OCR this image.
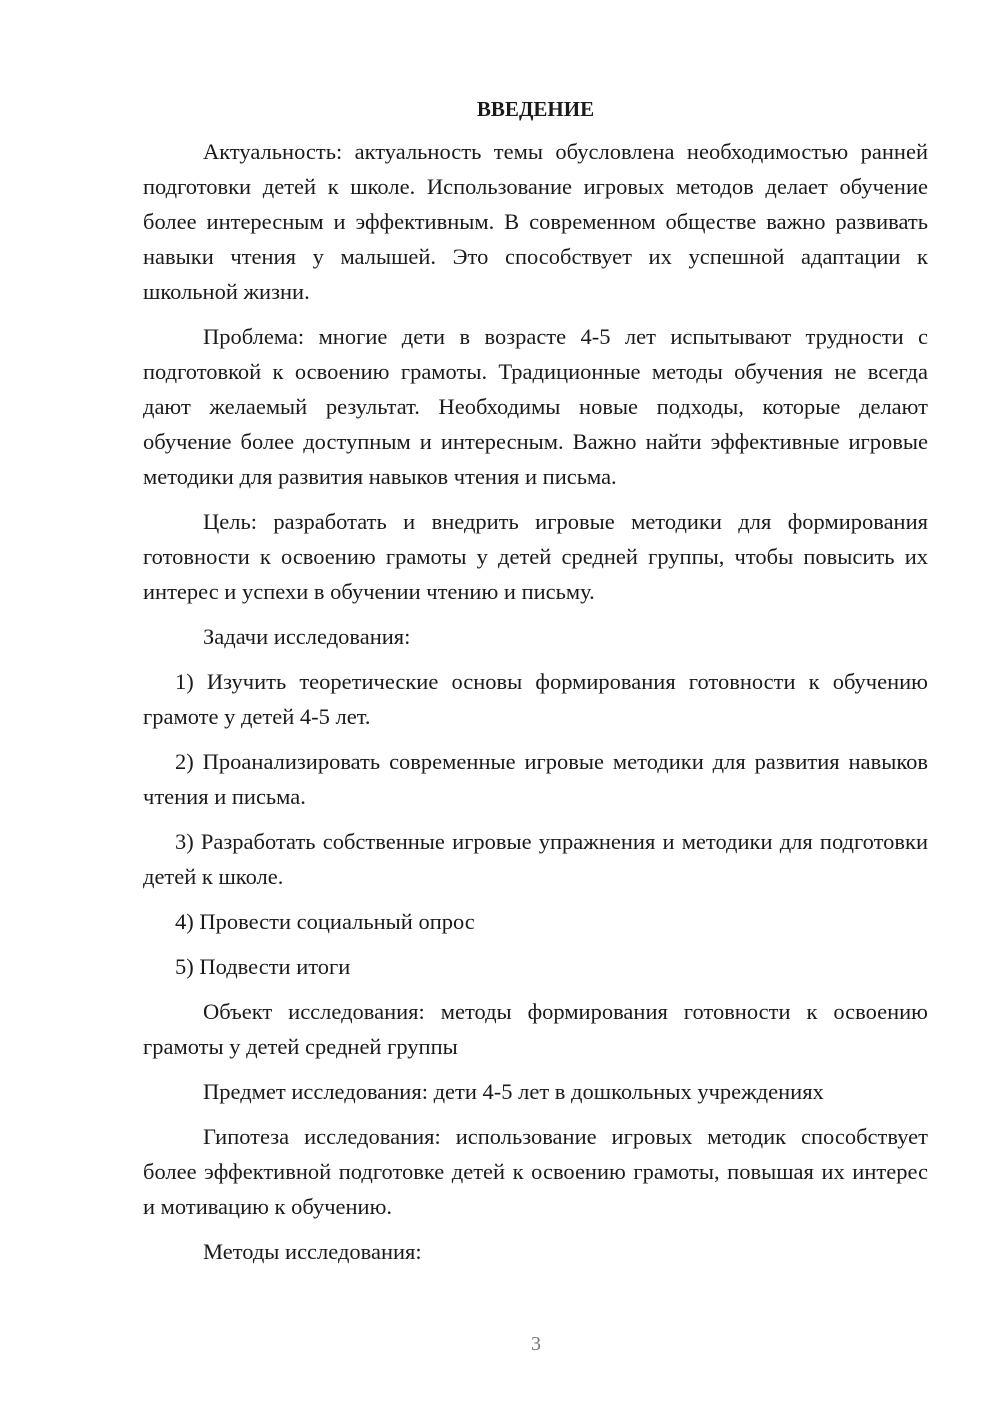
ВВЕДЕНИЕ

Актуальность: актуальность темы обусловлена необходимостью ранней подготовки детей к школе. Использование игровых методов делает обучение более интересным и эффективным. В современном обществе важно развивать навыки чтения у малышей. Это способствует их успешной адаптации к школьной жизни.

Проблема: многие дети в возрасте 4-5 лет испытывают трудности с подготовкой к освоению грамоты. Традиционные методы обучения не всегда дают желаемый результат. Необходимы новые подходы, которые делают обучение более доступным и интересным. Важно найти эффективные игровые методики для развития навыков чтения и письма.

Цель: разработать и внедрить игровые методики для формирования готовности к освоению грамоты у детей средней группы, чтобы повысить их интерес и успехи в обучении чтению и письму.

Задачи исследования:

1) Изучить теоретические основы формирования готовности к обучению грамоте у детей 4-5 лет.

2) Проанализировать современные игровые методики для развития навыков чтения и письма.

3) Разработать собственные игровые упражнения и методики для подготовки детей к школе.

4) Провести социальный опрос

5) Подвести итоги

Объект исследования: методы формирования готовности к освоению грамоты у детей средней группы

Предмет исследования: дети 4-5 лет в дошкольных учреждениях

Гипотеза исследования: использование игровых методик способствует более эффективной подготовке детей к освоению грамоты, повышая их интерес и мотивацию к обучению.

Методы исследования:

3
